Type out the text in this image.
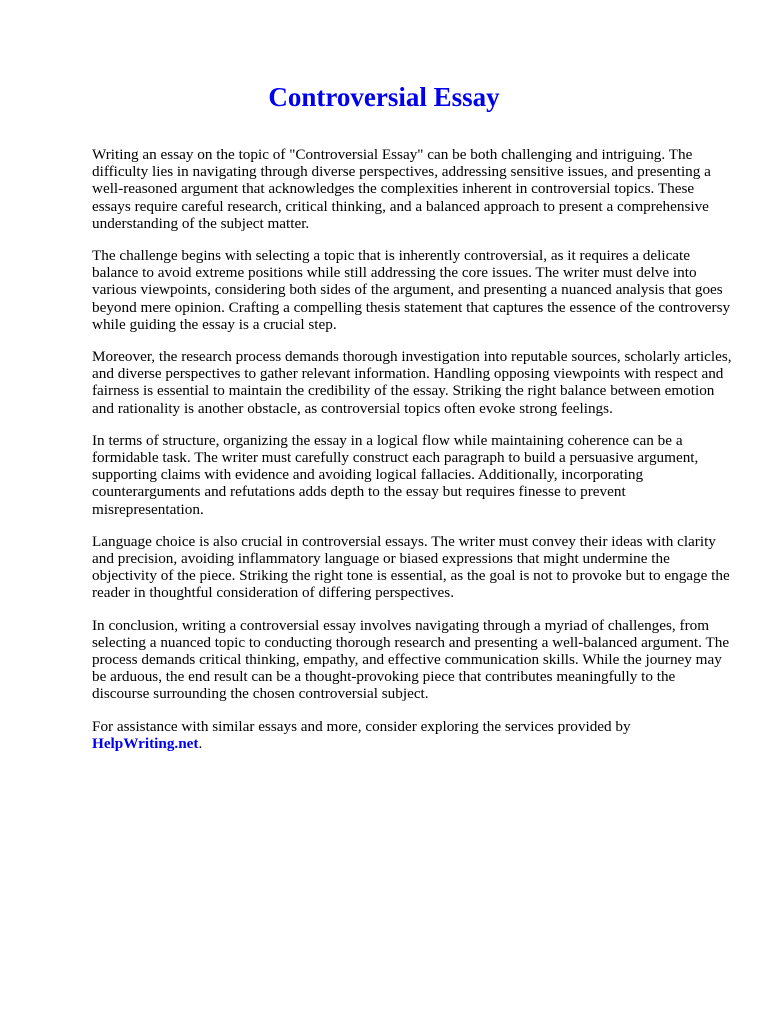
Controversial Essay

Writing an essay on the topic of "Controversial Essay" can be both challenging and intriguing. The difficulty lies in navigating through diverse perspectives, addressing sensitive issues, and presenting a well-reasoned argument that acknowledges the complexities inherent in controversial topics. These essays require careful research, critical thinking, and a balanced approach to present a comprehensive understanding of the subject matter.

The challenge begins with selecting a topic that is inherently controversial, as it requires a delicate balance to avoid extreme positions while still addressing the core issues. The writer must delve into various viewpoints, considering both sides of the argument, and presenting a nuanced analysis that goes beyond mere opinion. Crafting a compelling thesis statement that captures the essence of the controversy while guiding the essay is a crucial step.

Moreover, the research process demands thorough investigation into reputable sources, scholarly articles, and diverse perspectives to gather relevant information. Handling opposing viewpoints with respect and fairness is essential to maintain the credibility of the essay. Striking the right balance between emotion and rationality is another obstacle, as controversial topics often evoke strong feelings.

In terms of structure, organizing the essay in a logical flow while maintaining coherence can be a formidable task. The writer must carefully construct each paragraph to build a persuasive argument, supporting claims with evidence and avoiding logical fallacies. Additionally, incorporating counterarguments and refutations adds depth to the essay but requires finesse to prevent misrepresentation.

Language choice is also crucial in controversial essays. The writer must convey their ideas with clarity and precision, avoiding inflammatory language or biased expressions that might undermine the objectivity of the piece. Striking the right tone is essential, as the goal is not to provoke but to engage the reader in thoughtful consideration of differing perspectives.

In conclusion, writing a controversial essay involves navigating through a myriad of challenges, from selecting a nuanced topic to conducting thorough research and presenting a well-balanced argument. The process demands critical thinking, empathy, and effective communication skills. While the journey may be arduous, the end result can be a thought-provoking piece that contributes meaningfully to the discourse surrounding the chosen controversial subject.

For assistance with similar essays and more, consider exploring the services provided by HelpWriting.net.
